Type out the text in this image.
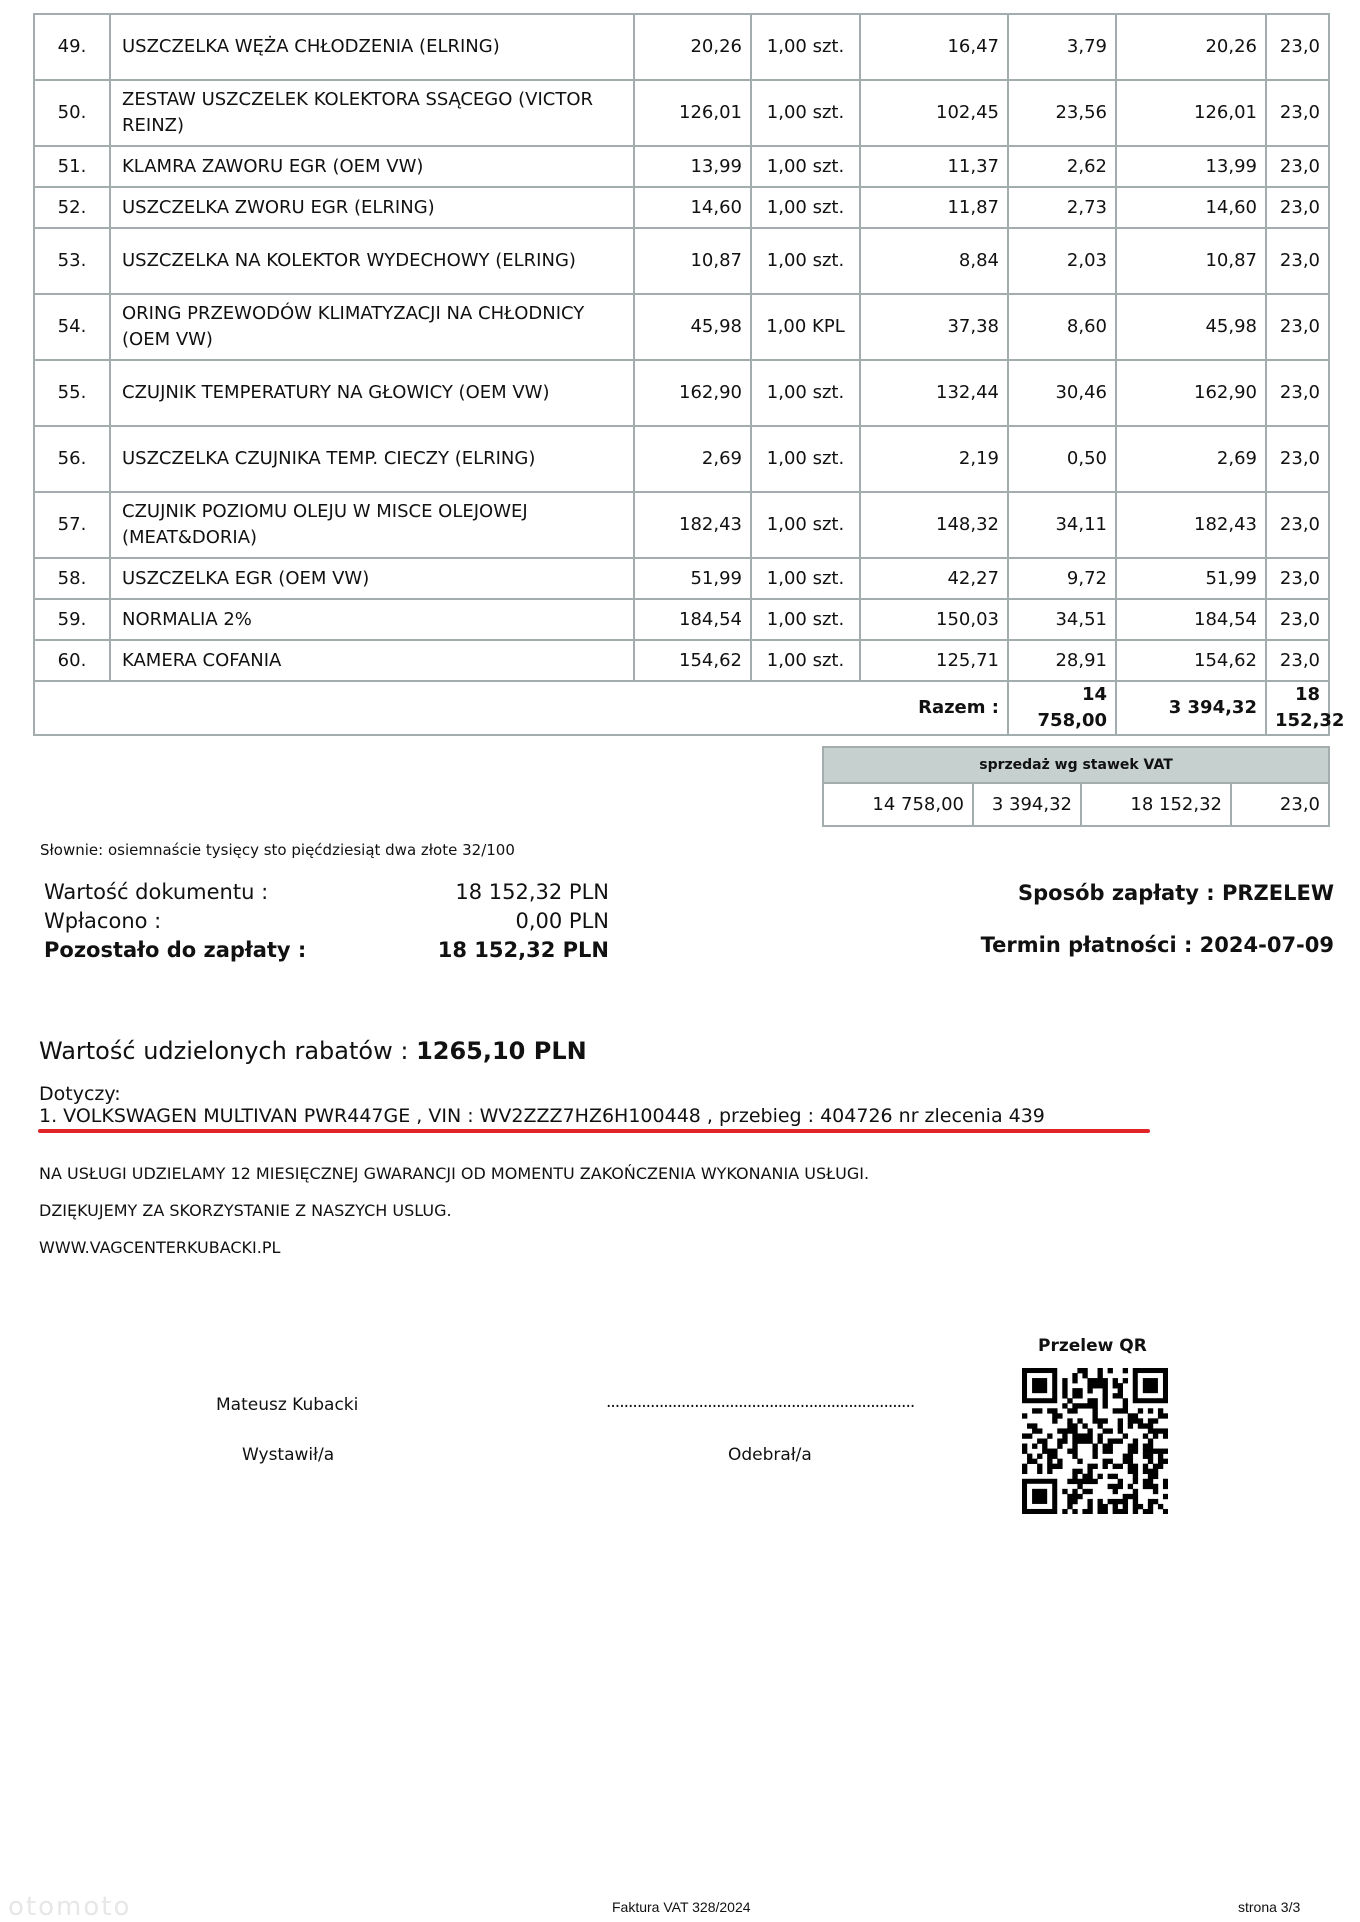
49.	USZCZELKA WĘŻA CHŁODZENIA (ELRING)	20,26	1,00 szt.	16,47	3,79	20,26	23,0
50.	ZESTAW USZCZELEK KOLEKTORA SSĄCEGO (VICTOR REINZ)	126,01	1,00 szt.	102,45	23,56	126,01	23,0
51.	KLAMRA ZAWORU EGR (OEM VW)	13,99	1,00 szt.	11,37	2,62	13,99	23,0
52.	USZCZELKA ZWORU EGR (ELRING)	14,60	1,00 szt.	11,87	2,73	14,60	23,0
53.	USZCZELKA NA KOLEKTOR WYDECHOWY (ELRING)	10,87	1,00 szt.	8,84	2,03	10,87	23,0
54.	ORING PRZEWODÓW KLIMATYZACJI NA CHŁODNICY (OEM VW)	45,98	1,00 KPL	37,38	8,60	45,98	23,0
55.	CZUJNIK TEMPERATURY NA GŁOWICY (OEM VW)	162,90	1,00 szt.	132,44	30,46	162,90	23,0
56.	USZCZELKA CZUJNIKA TEMP. CIECZY (ELRING)	2,69	1,00 szt.	2,19	0,50	2,69	23,0
57.	CZUJNIK POZIOMU OLEJU W MISCE OLEJOWEJ (MEAT&DORIA)	182,43	1,00 szt.	148,32	34,11	182,43	23,0
58.	USZCZELKA EGR (OEM VW)	51,99	1,00 szt.	42,27	9,72	51,99	23,0
59.	NORMALIA 2%	184,54	1,00 szt.	150,03	34,51	184,54	23,0
60.	KAMERA COFANIA	154,62	1,00 szt.	125,71	28,91	154,62	23,0
Razem :					14 758,00	3 394,32	18 152,32
sprzedaż wg stawek VAT
14 758,00	3 394,32	18 152,32	23,0
Słownie: osiemnaście tysięcy sto pięćdziesiąt dwa złote 32/100
Wartość dokumentu :	18 152,32 PLN
Wpłacono :	0,00 PLN
Pozostało do zapłaty :	18 152,32 PLN
Sposób zapłaty : PRZELEW
Termin płatności : 2024-07-09
Wartość udzielonych rabatów : 1265,10 PLN
Dotyczy:
1. VOLKSWAGEN MULTIVAN PWR447GE , VIN : WV2ZZZ7HZ6H100448 , przebieg : 404726 nr zlecenia 439
NA USŁUGI UDZIELAMY 12 MIESIĘCZNEJ GWARANCJI OD MOMENTU ZAKOŃCZENIA WYKONANIA USŁUGI.
DZIĘKUJEMY ZA SKORZYSTANIE Z NASZYCH USLUG.
WWW.VAGCENTERKUBACKI.PL
Przelew QR
Mateusz Kubacki
Wystawił/a
......................................................................
Odebrał/a
Faktura VAT 328/2024	strona 3/3
otomoto
